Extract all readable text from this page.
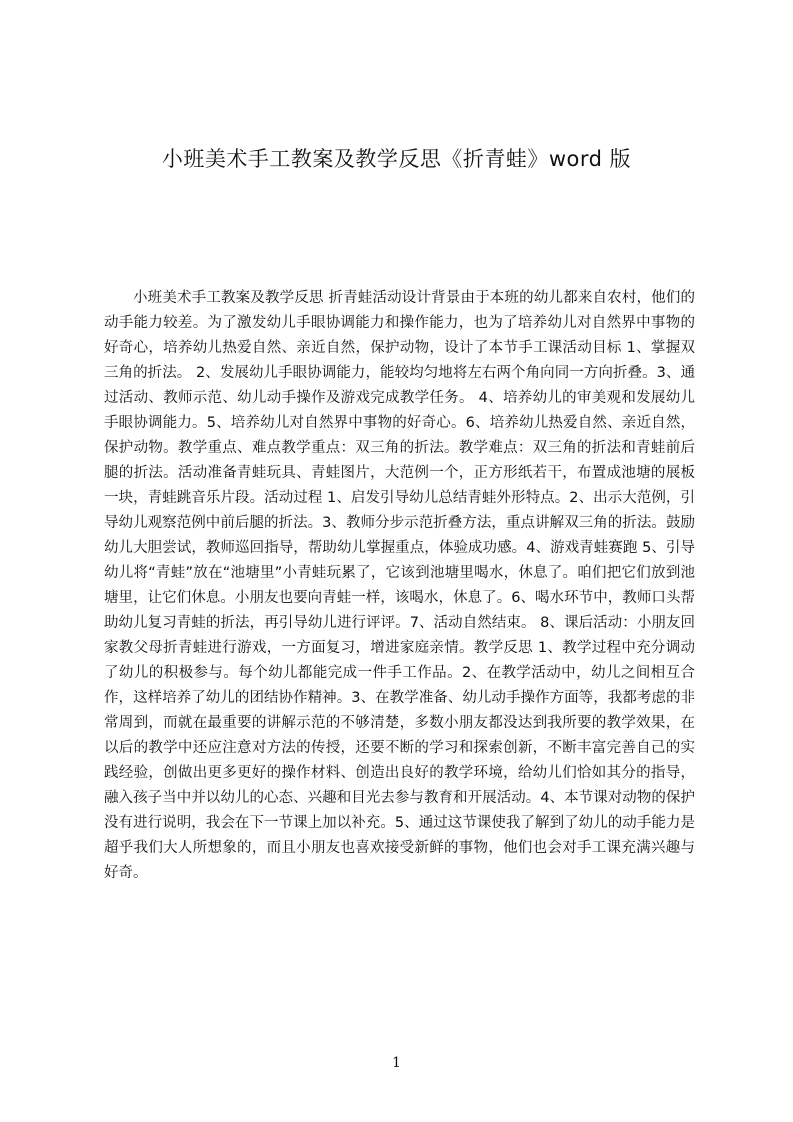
小班美术手工教案及教学反思《折青蛙》word 版

小班美术手工教案及教学反思 折青蛙活动设计背景由于本班的幼儿都来自农村，他们的动手能力较差。为了激发幼儿手眼协调能力和操作能力，也为了培养幼儿对自然界中事物的好奇心，培养幼儿热爱自然、亲近自然，保护动物，设计了本节手工课活动目标 1、掌握双三角的折法。 2、发展幼儿手眼协调能力，能较均匀地将左右两个角向同一方向折叠。3、通过活动、教师示范、幼儿动手操作及游戏完成教学任务。 4、培养幼儿的审美观和发展幼儿手眼协调能力。5、培养幼儿对自然界中事物的好奇心。6、培养幼儿热爱自然、亲近自然，保护动物。教学重点、难点教学重点：双三角的折法。教学难点：双三角的折法和青蛙前后腿的折法。活动准备青蛙玩具、青蛙图片，大范例一个，正方形纸若干，布置成池塘的展板一块，青蛙跳音乐片段。活动过程 1、启发引导幼儿总结青蛙外形特点。2、出示大范例，引导幼儿观察范例中前后腿的折法。3、教师分步示范折叠方法，重点讲解双三角的折法。鼓励幼儿大胆尝试，教师巡回指导，帮助幼儿掌握重点，体验成功感。4、游戏青蛙赛跑 5、引导幼儿将“青蛙”放在“池塘里”小青蛙玩累了，它该到池塘里喝水，休息了。咱们把它们放到池塘里，让它们休息。小朋友也要向青蛙一样，该喝水，休息了。6、喝水环节中，教师口头帮助幼儿复习青蛙的折法，再引导幼儿进行评评。7、活动自然结束。 8、课后活动：小朋友回家教父母折青蛙进行游戏，一方面复习，增进家庭亲情。教学反思 1、教学过程中充分调动了幼儿的积极参与。每个幼儿都能完成一件手工作品。2、在教学活动中，幼儿之间相互合作，这样培养了幼儿的团结协作精神。3、在教学准备、幼儿动手操作方面等，我都考虑的非常周到，而就在最重要的讲解示范的不够清楚，多数小朋友都没达到我所要的教学效果，在以后的教学中还应注意对方法的传授，还要不断的学习和探索创新，不断丰富完善自己的实践经验，创做出更多更好的操作材料、创造出良好的教学环境，给幼儿们恰如其分的指导，融入孩子当中并以幼儿的心态、兴趣和目光去参与教育和开展活动。4、本节课对动物的保护没有进行说明，我会在下一节课上加以补充。5、通过这节课使我了解到了幼儿的动手能力是超乎我们大人所想象的，而且小朋友也喜欢接受新鲜的事物，他们也会对手工课充满兴趣与好奇。

1
